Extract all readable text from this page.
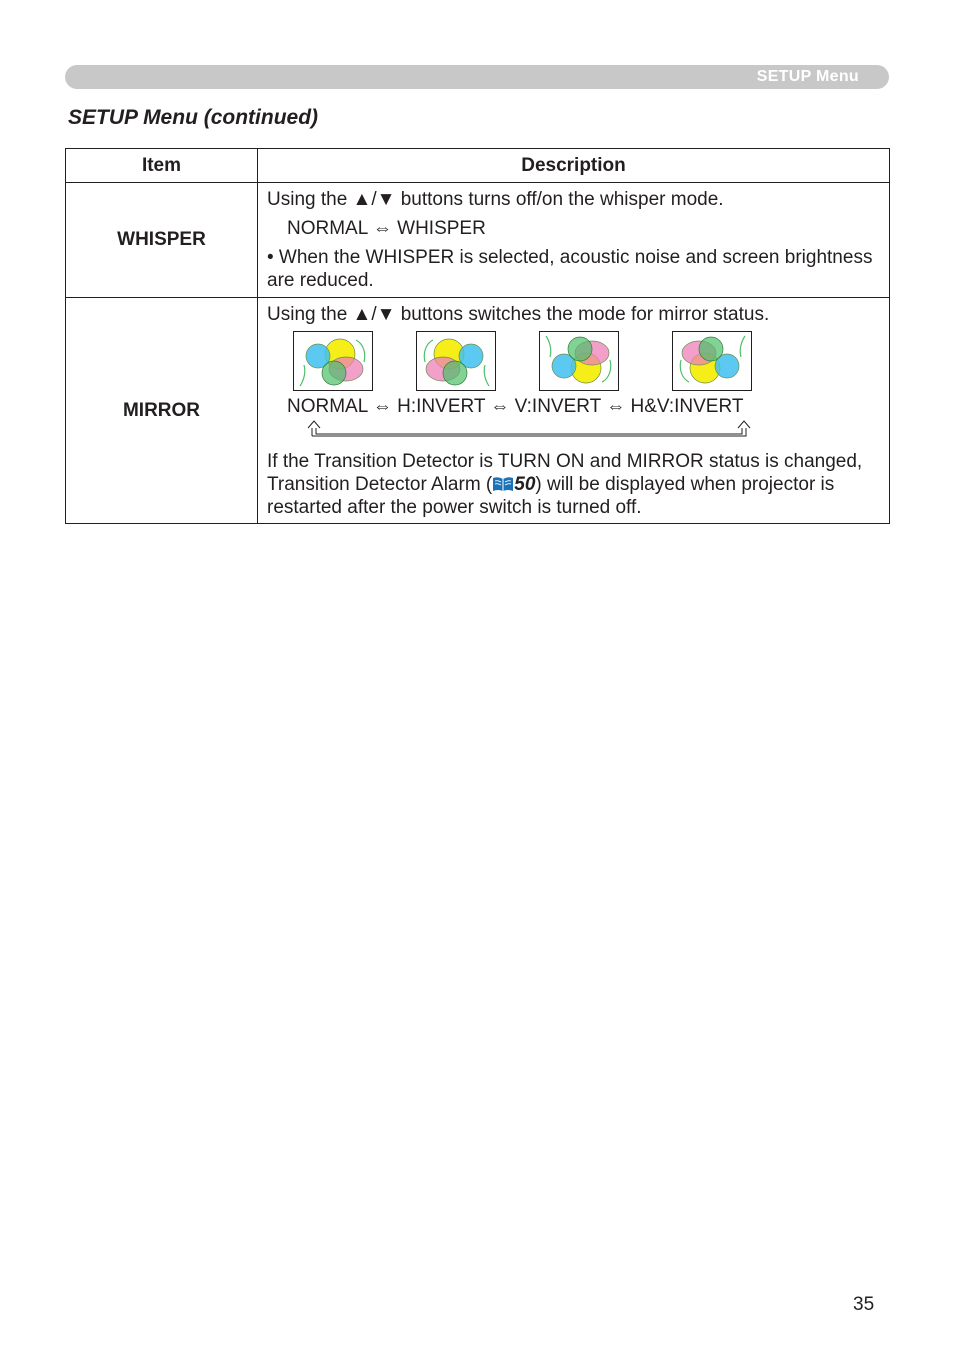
SETUP Menu
SETUP Menu (continued)
Item	Description
WHISPER	Using the ▲/▼ buttons turns off/on the whisper mode.

NORMAL ⇔ WHISPER

• When the WHISPER is selected, acoustic noise and screen brightness are reduced.

MIRROR	Using the ▲/▼ buttons switches the mode for mirror status.

NORMAL ⇔ H:INVERT ⇔ V:INVERT ⇔ H&V:INVERT

If the Transition Detector is TURN ON and MIRROR status is changed, Transition Detector Alarm ( 50) will be displayed when projector is restarted after the power switch is turned off.

35
